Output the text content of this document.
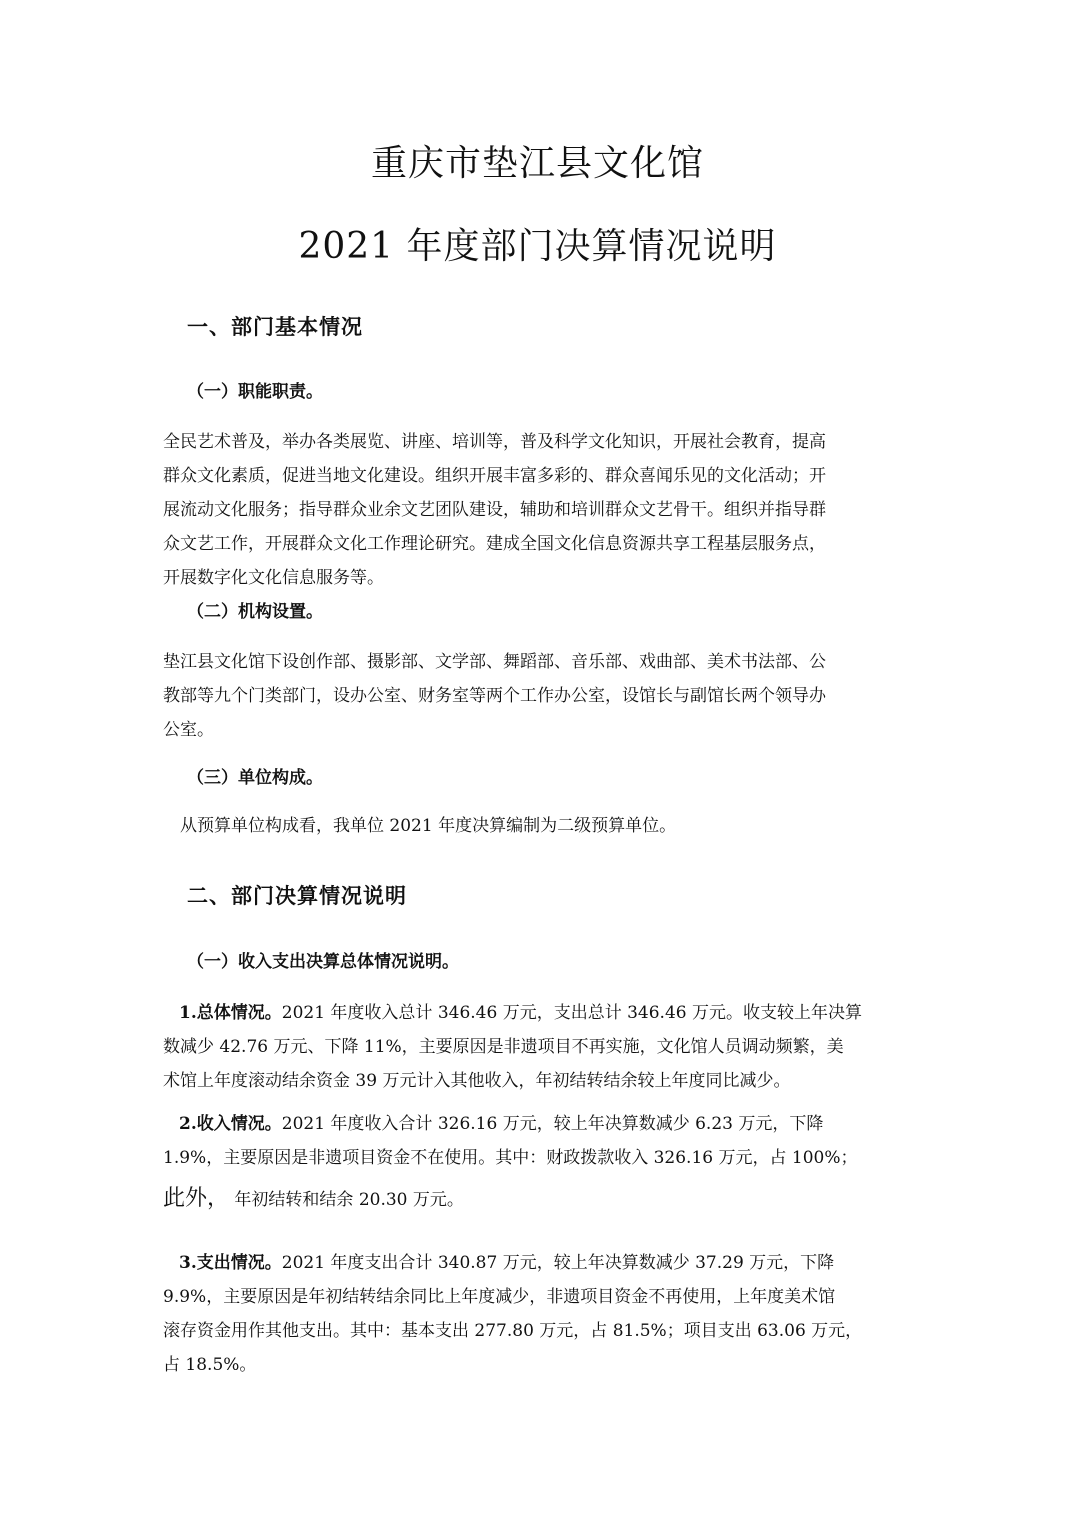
重庆市垫江县文化馆
2021 年度部门决算情况说明
一、部门基本情况
（一）职能职责。
全民艺术普及，举办各类展览、讲座、培训等，普及科学文化知识，开展社会教育，提高
群众文化素质，促进当地文化建设。组织开展丰富多彩的、群众喜闻乐见的文化活动；开
展流动文化服务；指导群众业余文艺团队建设，辅助和培训群众文艺骨干。组织并指导群
众文艺工作，开展群众文化工作理论研究。建成全国文化信息资源共享工程基层服务点，
开展数字化文化信息服务等。
（二）机构设置。
垫江县文化馆下设创作部、摄影部、文学部、舞蹈部、音乐部、戏曲部、美术书法部、公
教部等九个门类部门，设办公室、财务室等两个工作办公室，设馆长与副馆长两个领导办
公室。
（三）单位构成。
从预算单位构成看，我单位 2021 年度决算编制为二级预算单位。
二、部门决算情况说明
（一）收入支出决算总体情况说明。
1.总体情况。2021 年度收入总计 346.46 万元，支出总计 346.46 万元。收支较上年决算
数减少 42.76 万元、下降 11%，主要原因是非遗项目不再实施，文化馆人员调动频繁，美
术馆上年度滚动结余资金 39 万元计入其他收入，年初结转结余较上年度同比减少。
2.收入情况。2021 年度收入合计 326.16 万元，较上年决算数减少 6.23 万元，下降
1.9%，主要原因是非遗项目资金不在使用。其中：财政拨款收入 326.16 万元，占 100%；
此外， 年初结转和结余 20.30 万元。
3.支出情况。2021 年度支出合计 340.87 万元，较上年决算数减少 37.29 万元，下降
9.9%，主要原因是年初结转结余同比上年度减少，非遗项目资金不再使用，上年度美术馆
滚存资金用作其他支出。其中：基本支出 277.80 万元，占 81.5%；项目支出 63.06 万元，
占 18.5%。
